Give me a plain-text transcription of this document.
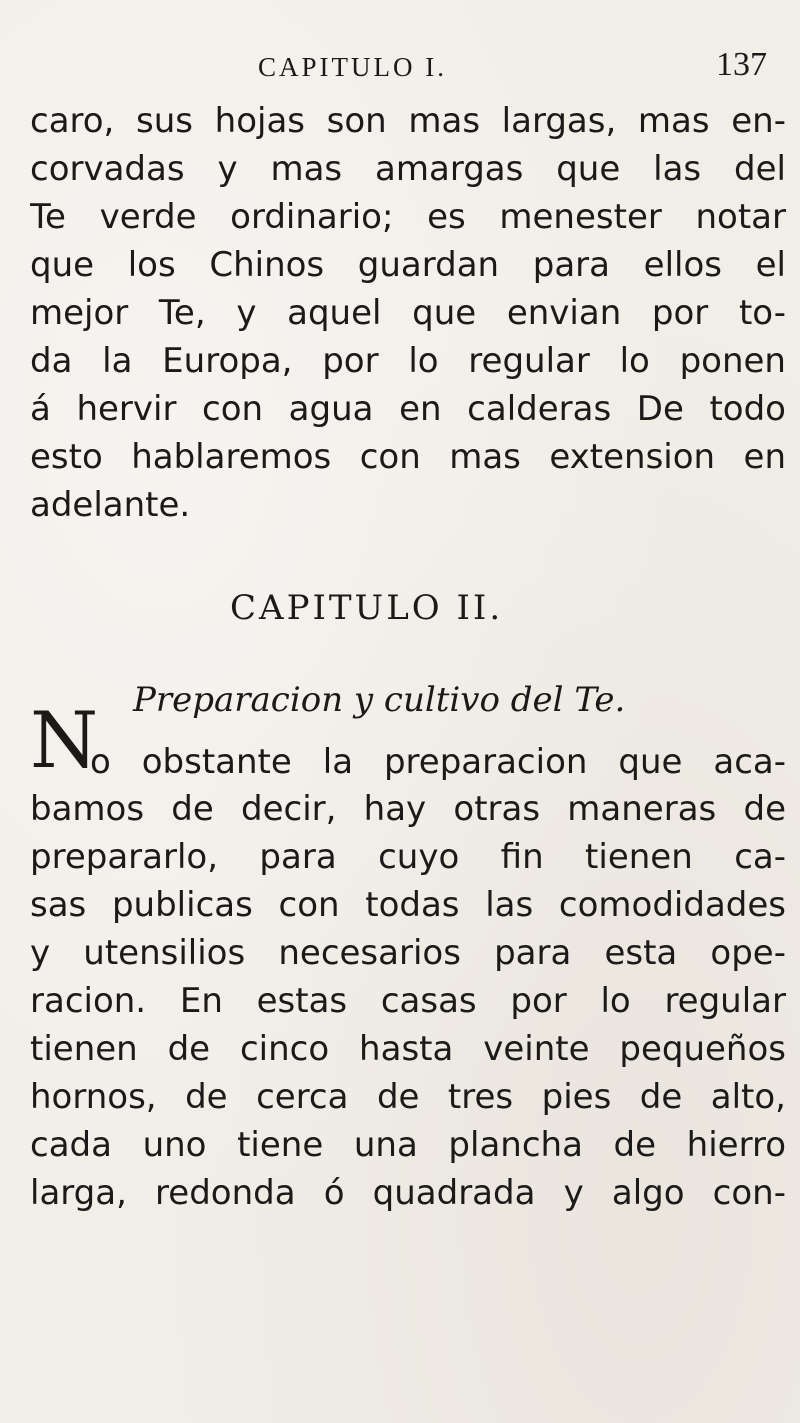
CAPITULO I.	137
caro, sus hojas son mas largas, mas en-
corvadas y mas amargas que las del
Te verde ordinario; es menester notar
que los Chinos guardan para ellos el
mejor Te, y aquel que envian por to-
da la Europa, por lo regular lo ponen
á hervir con agua en calderas De todo
esto hablaremos con mas extension en
adelante.
CAPITULO II.
Preparacion y cultivo del Te.
N
o obstante la preparacion que aca-
bamos de decir, hay otras maneras de
prepararlo, para cuyo fin tienen ca-
sas publicas con todas las comodidades
y utensilios necesarios para esta ope-
racion. En estas casas por lo regular
tienen de cinco hasta veinte pequeños
hornos, de cerca de tres pies de alto,
cada uno tiene una plancha de hierro
larga, redonda ó quadrada y algo con-
